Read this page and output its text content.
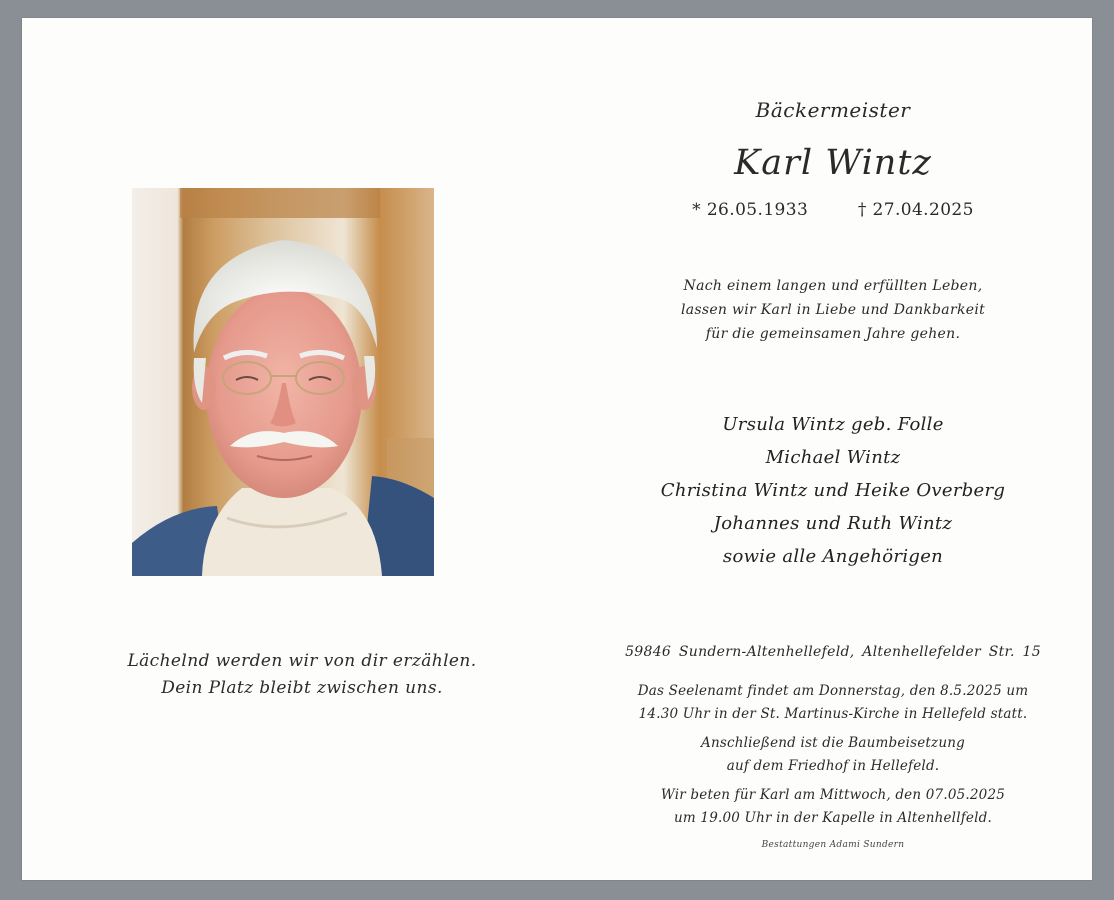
Lächelnd werden wir von dir erzählen.
Dein Platz bleibt zwischen uns.
Bäckermeister
Karl Wintz
* 26.05.1933	† 27.04.2025
Nach einem langen und erfüllten Leben,
lassen wir Karl in Liebe und Dankbarkeit
für die gemeinsamen Jahre gehen.
Ursula Wintz geb. Folle
Michael Wintz
Christina Wintz und Heike Overberg
Johannes und Ruth Wintz
sowie alle Angehörigen
59846 Sundern-Altenhellefeld, Altenhellefelder Str. 15
Das Seelenamt findet am Donnerstag, den 8.5.2025 um
14.30 Uhr in der St. Martinus-Kirche in Hellefeld statt.
Anschließend ist die Baumbeisetzung
auf dem Friedhof in Hellefeld.
Wir beten für Karl am Mittwoch, den 07.05.2025
um 19.00 Uhr in der Kapelle in Altenhellfeld.
Bestattungen Adami Sundern
